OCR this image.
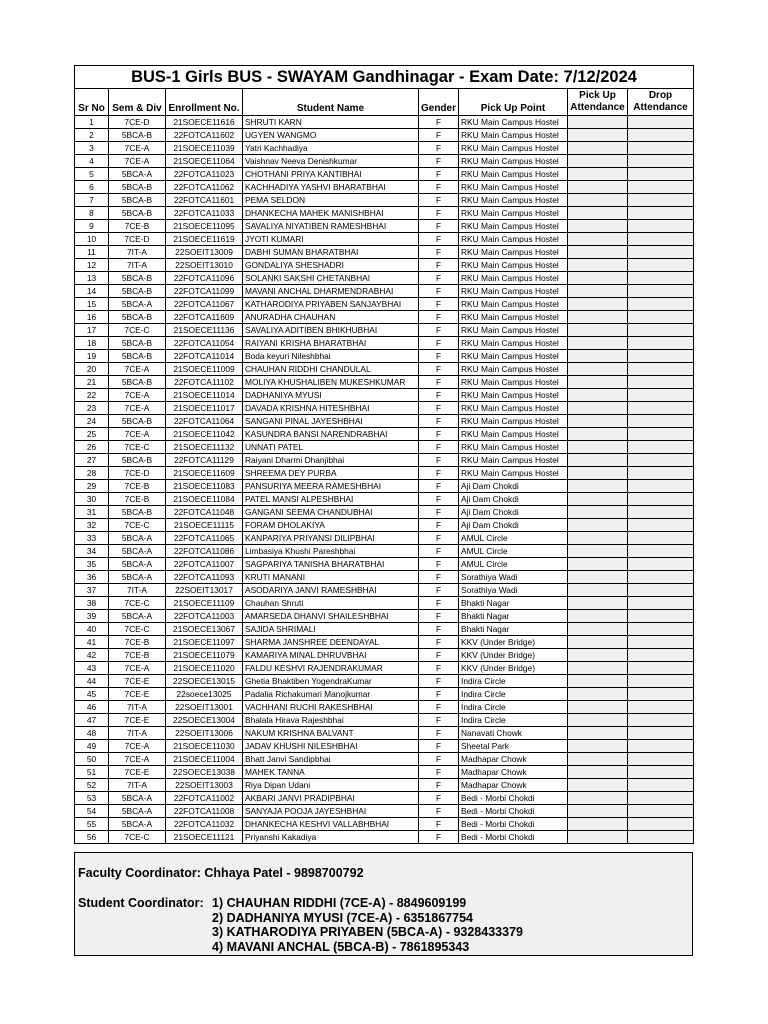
BUS-1 Girls BUS - SWAYAM Gandhinagar - Exam Date: 7/12/2024							
Sr No	Sem & Div	Enrollment No.	Student Name	Gender	Pick Up Point	Pick Up
Attendance	Drop
Attendance
1	7CE-D	21SOECE11616	SHRUTI KARN	F	RKU Main Campus Hostel		
2	5BCA-B	22FOTCA11602	UGYEN WANGMO	F	RKU Main Campus Hostel		
3	7CE-A	21SOECE11039	Yatri Kachhadiya	F	RKU Main Campus Hostel		
4	7CE-A	21SOECE11064	Vaishnav Neeva Denishkumar	F	RKU Main Campus Hostel		
5	5BCA-A	22FOTCA11023	CHOTHANI PRIYA KANTIBHAI	F	RKU Main Campus Hostel		
6	5BCA-B	22FOTCA11062	KACHHADIYA YASHVI BHARATBHAI	F	RKU Main Campus Hostel		
7	5BCA-B	22FOTCA11601	PEMA SELDON	F	RKU Main Campus Hostel		
8	5BCA-B	22FOTCA11033	DHANKECHA MAHEK MANISHBHAI	F	RKU Main Campus Hostel		
9	7CE-B	21SOECE11095	SAVALIYA NIYATIBEN RAMESHBHAI	F	RKU Main Campus Hostel		
10	7CE-D	21SOECE11619	JYOTI KUMARI	F	RKU Main Campus Hostel		
11	7IT-A	22SOEIT13009	DABHI SUMAN BHARATBHAI	F	RKU Main Campus Hostel		
12	7IT-A	22SOEIT13010	GONDALIYA SHESHADRI	F	RKU Main Campus Hostel		
13	5BCA-B	22FOTCA11096	SOLANKI SAKSHI CHETANBHAI	F	RKU Main Campus Hostel		
14	5BCA-B	22FOTCA11099	MAVANI ANCHAL DHARMENDRABHAI	F	RKU Main Campus Hostel		
15	5BCA-A	22FOTCA11067	KATHARODIYA PRIYABEN SANJAYBHAI	F	RKU Main Campus Hostel		
16	5BCA-B	22FOTCA11609	ANURADHA CHAUHAN	F	RKU Main Campus Hostel		
17	7CE-C	21SOECE11136	SAVALIYA ADITIBEN BHIKHUBHAI	F	RKU Main Campus Hostel		
18	5BCA-B	22FOTCA11054	RAIYANI KRISHA BHARATBHAI	F	RKU Main Campus Hostel		
19	5BCA-B	22FOTCA11014	Boda keyuri Nileshbhai	F	RKU Main Campus Hostel		
20	7CE-A	21SOECE11009	CHAUHAN RIDDHI CHANDULAL	F	RKU Main Campus Hostel		
21	5BCA-B	22FOTCA11102	MOLIYA KHUSHALIBEN MUKESHKUMAR	F	RKU Main Campus Hostel		
22	7CE-A	21SOECE11014	DADHANIYA MYUSI	F	RKU Main Campus Hostel		
23	7CE-A	21SOECE11017	DAVADA KRISHNA HITESHBHAI	F	RKU Main Campus Hostel		
24	5BCA-B	22FOTCA11064	SANGANI PINAL JAYESHBHAI	F	RKU Main Campus Hostel		
25	7CE-A	21SOECE11042	KASUNDRA BANSI NARENDRABHAI	F	RKU Main Campus Hostel		
26	7CE-C	21SOECE11132	UNNATI PATEL	F	RKU Main Campus Hostel		
27	5BCA-B	22FOTCA11129	Raiyani Dharmi Dhanjibhai	F	RKU Main Campus Hostel		
28	7CE-D	21SOECE11609	SHREEMA DEY PURBA	F	RKU Main Campus Hostel		
29	7CE-B	21SOECE11083	PANSURIYA MEERA RAMESHBHAI	F	Aji Dam Chokdi		
30	7CE-B	21SOECE11084	PATEL MANSI ALPESHBHAI	F	Aji Dam Chokdi		
31	5BCA-B	22FOTCA11048	GANGANI SEEMA CHANDUBHAI	F	Aji Dam Chokdi		
32	7CE-C	21SOECE11115	FORAM DHOLAKIYA	F	Aji Dam Chokdi		
33	5BCA-A	22FOTCA11065	KANPARIYA PRIYANSI DILIPBHAI	F	AMUL Circle		
34	5BCA-A	22FOTCA11086	Limbasiya Khushi Pareshbhai	F	AMUL Circle		
35	5BCA-A	22FOTCA11007	SAGPARIYA TANISHA BHARATBHAI	F	AMUL Circle		
36	5BCA-A	22FOTCA11093	KRUTI MANANI	F	Sorathiya Wadi		
37	7IT-A	22SOEIT13017	ASODARIYA JANVI RAMESHBHAI	F	Sorathiya Wadi		
38	7CE-C	21SOECE11109	Chauhan Shruti	F	Bhakti Nagar		
39	5BCA-A	22FOTCA11003	AMARSEDA DHANVI SHAILESHBHAI	F	Bhakti Nagar		
40	7CE-C	21SOECE13067	SAJIDA SHRIMALI	F	Bhakti Nagar		
41	7CE-B	21SOECE11097	SHARMA JANSHREE DEENDAYAL	F	KKV (Under Bridge)		
42	7CE-B	21SOECE11079	KAMARIYA MINAL DHRUVBHAI	F	KKV (Under Bridge)		
43	7CE-A	21SOECE11020	FALDU KESHVI RAJENDRAKUMAR	F	KKV (Under Bridge)		
44	7CE-E	22SOECE13015	Ghetia Bhaktiben YogendraKumar	F	Indira Circle		
45	7CE-E	22soece13025	Padalia Richakumari Manojkumar	F	Indira Circle		
46	7IT-A	22SOEIT13001	VACHHANI RUCHI RAKESHBHAI	F	Indira Circle		
47	7CE-E	22SOECE13004	Bhalala Hirava Rajeshbhai	F	Indira Circle		
48	7IT-A	22SOEIT13006	NAKUM KRISHNA BALVANT	F	Nanavati Chowk		
49	7CE-A	21SOECE11030	JADAV KHUSHI NILESHBHAI	F	Sheetal Park		
50	7CE-A	21SOECE11004	Bhatt Janvi Sandipbhai	F	Madhapar Chowk		
51	7CE-E	22SOECE13038	MAHEK TANNA	F	Madhapar Chowk		
52	7IT-A	22SOEIT13003	Riya Dipan Udani	F	Madhapar Chowk		
53	5BCA-A	22FOTCA11002	AKBARI JANVI PRADIPBHAI	F	Bedi - Morbi Chokdi		
54	5BCA-A	22FOTCA11008	SANYAJA POOJA JAYESHBHAI	F	Bedi - Morbi Chokdi		
55	5BCA-A	22FOTCA11032	DHANKECHA KESHVI VALLABHBHAI	F	Bedi - Morbi Chokdi		
56	7CE-C	21SOECE11121	Priyanshi Kakadiya	F	Bedi - Morbi Chokdi		
Faculty Coordinator: Chhaya Patel - 9898700792
Student Coordinator: 1) CHAUHAN RIDDHI (7CE-A) - 8849609199
2) DADHANIYA MYUSI (7CE-A) - 6351867754
3) KATHARODIYA PRIYABEN (5BCA-A) - 9328433379
4) MAVANI ANCHAL (5BCA-B) - 7861895343
